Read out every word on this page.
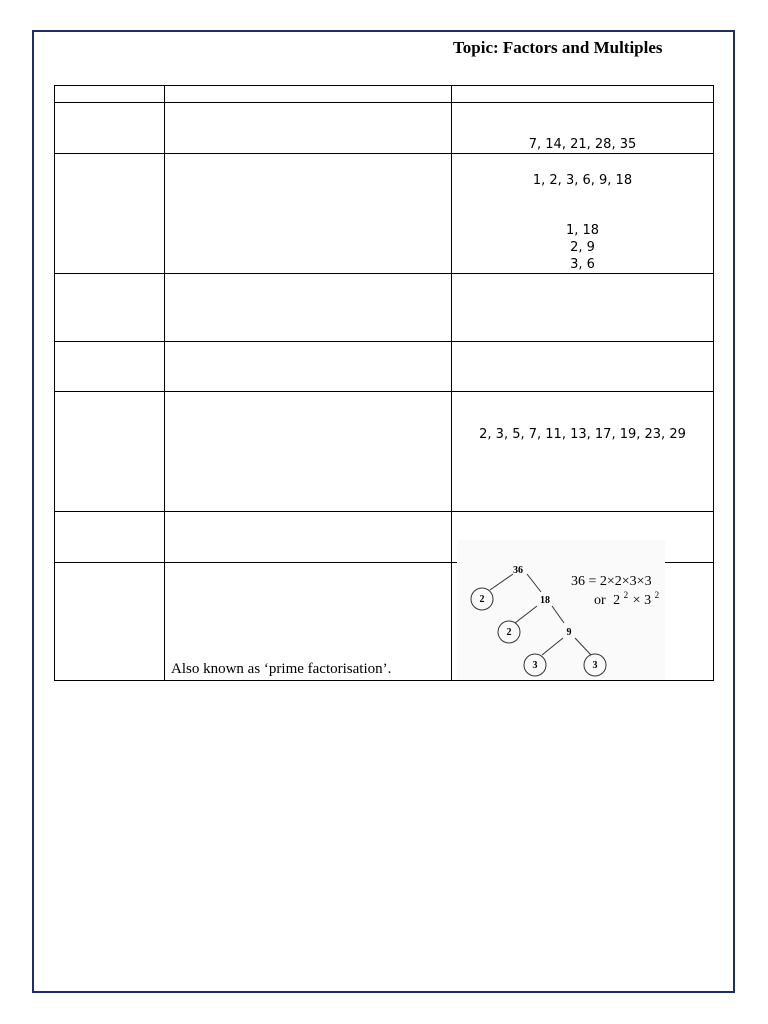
Topic: Factors and Multiples
7, 14, 21, 28, 35
1, 2, 3, 6, 9, 18
1, 18
2, 9
3, 6
2, 3, 5, 7, 11, 13, 17, 19, 23, 29
36
18
9
2
2
3	3
36 = 2×2×3×3
or 2 $^2$ × 3 $^2$
Also known as ‘prime factorisation’.
